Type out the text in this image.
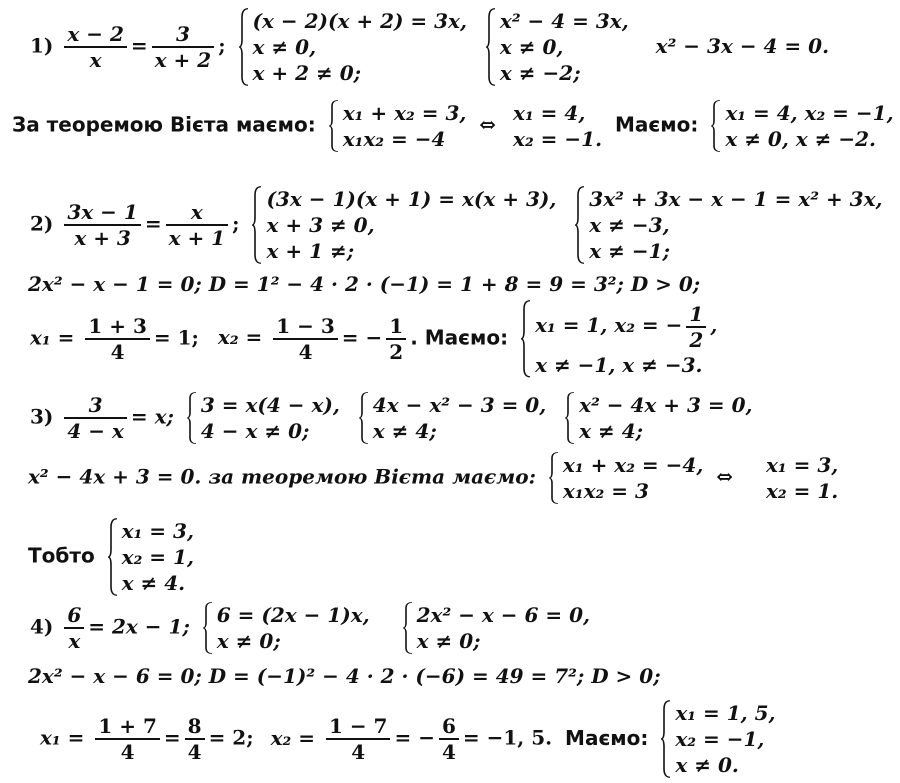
$1) \frac{x - 2}{x} = \frac{3}{x + 2}$ ;
(x − 2)(x + 2) = 3x,
x ≠ 0,
x + 2 ≠ 0;

x² − 4 = 3x,
x ≠ 0,
x ≠ −2;
x² − 3x − 4 = 0.
За теоремою Вієта маємо: x₁ + x₂ = 3,
x₁x₂ = −4
⇔ x₁ = 4,
x₂ = −1.
Маємо: x₁ = 4, x₂ = −1,
x ≠ 0, x ≠ −2.
$2) \frac{3x - 1}{x + 3} = \frac{x}{x + 1}$ ;
(3x − 1)(x + 1) = x(x + 3),
x + 3 ≠ 0,
x + 1 ≠;

3x² + 3x − x − 1 = x² + 3x,
x ≠ −3,
x ≠ −1;
2x² − x − 1 = 0; D = 1² − 4 · 2 · (−1) = 1 + 8 = 9 = 3²; D > 0;
$x_1 = \frac{1 + 3}{4} = 1$; $x_2 = \frac{1 - 3}{4}$ = − $\frac{1}{2}$ . Маємо:
x₁ = 1, x₂ = − $\frac{1}{2}$ ,
x ≠ −1, x ≠ −3.
$3) \frac{3}{4 - x} = x$; 3 = x(4 − x),
4 − x ≠ 0;

4x − x² − 3 = 0,
x ≠ 4;

x² − 4x + 3 = 0,
x ≠ 4;
x² − 4x + 3 = 0. за теоремою Вієта маємо: x₁ + x₂ = −4,
x₁x₂ = 3
⇔ x₁ = 3,
x₂ = 1.
Тобто
x₁ = 3,
x₂ = 1,
x ≠ 4.
$4) \frac{6}{x} = 2x - 1$; 6 = (2x − 1)x,
x ≠ 0;

2x² − x − 6 = 0,
x ≠ 0;
2x² − x − 6 = 0; D = (−1)² − 4 · 2 · (−6) = 49 = 7²; D > 0;
$x_1 = \frac{1 + 7}{4} = \frac{8}{4} = 2$; $x_2 = \frac{1 - 7}{4}$ = − $\frac{6}{4} = -1$, 5. Маємо:
x₁ = 1, 5,
x₂ = −1,
x ≠ 0.
